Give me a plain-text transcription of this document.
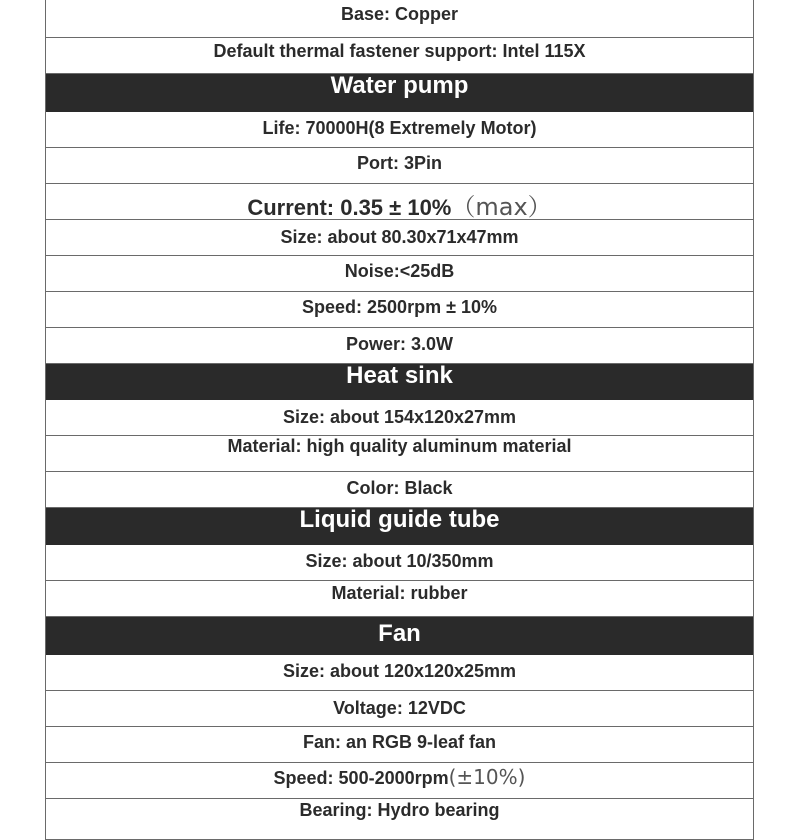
Base: Copper
Default thermal fastener support: Intel 115X
Water pump
Life: 70000H(8 Extremely Motor)
Port: 3Pin
Current: 0.35 ± 10%（max）
Size: about 80.30x71x47mm
Noise:<25dB
Speed: 2500rpm ± 10%
Power: 3.0W
Heat sink
Size: about 154x120x27mm
Material: high quality aluminum material
Color: Black
Liquid guide tube
Size: about 10/350mm
Material: rubber
Fan
Size: about 120x120x25mm
Voltage: 12VDC
Fan: an RGB 9-leaf fan
Speed: 500-2000rpm(±10%)
Bearing: Hydro bearing
